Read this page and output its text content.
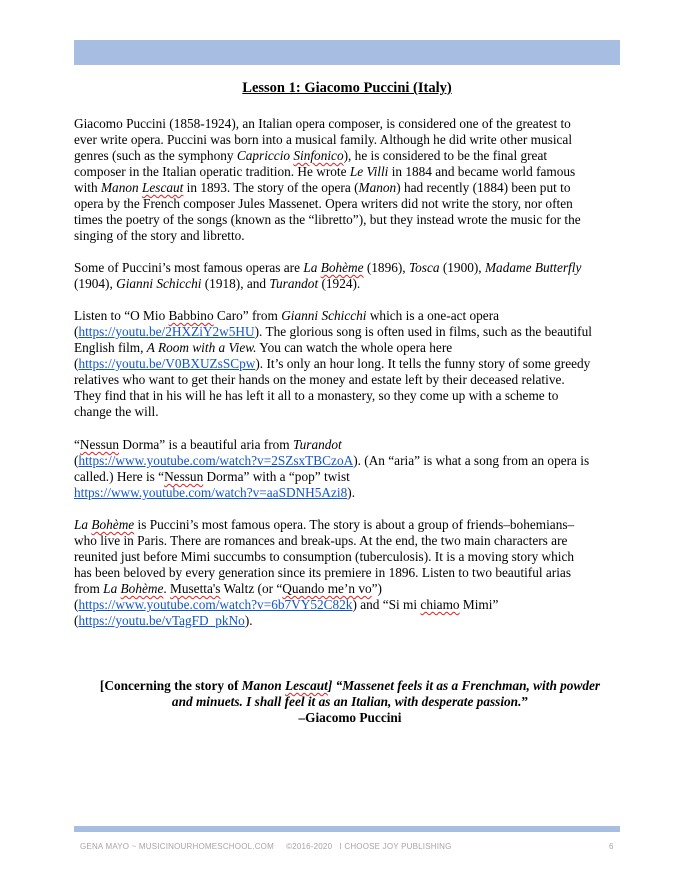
Lesson 1: Giacomo Puccini (Italy)
Giacomo Puccini (1858-1924), an Italian opera composer, is considered one of the greatest to
ever write opera. Puccini was born into a musical family. Although he did write other musical
genres (such as the symphony Capriccio Sinfonico), he is considered to be the final great
composer in the Italian operatic tradition. He wrote Le Villi in 1884 and became world famous
with Manon Lescaut in 1893. The story of the opera (Manon) had recently (1884) been put to
opera by the French composer Jules Massenet. Opera writers did not write the story, nor often
times the poetry of the songs (known as the “libretto”), but they instead wrote the music for the
singing of the story and libretto.
Some of Puccini’s most famous operas are La Bohème (1896), Tosca (1900), Madame Butterfly
(1904), Gianni Schicchi (1918), and Turandot (1924).
Listen to “O Mio Babbino Caro” from Gianni Schicchi which is a one-act opera
(https://youtu.be/2HXZiY2w5HU). The glorious song is often used in films, such as the beautiful
English film, A Room with a View. You can watch the whole opera here
(https://youtu.be/V0BXUZsSCpw). It’s only an hour long. It tells the funny story of some greedy
relatives who want to get their hands on the money and estate left by their deceased relative.
They find that in his will he has left it all to a monastery, so they come up with a scheme to
change the will.
“Nessun Dorma” is a beautiful aria from Turandot
(https://www.youtube.com/watch?v=2SZsxTBCzoA). (An “aria” is what a song from an opera is
called.) Here is “Nessun Dorma” with a “pop” twist
https://www.youtube.com/watch?v=aaSDNH5Azi8).
La Bohème is Puccini’s most famous opera. The story is about a group of friends–bohemians–
who live in Paris. There are romances and break-ups. At the end, the two main characters are
reunited just before Mimi succumbs to consumption (tuberculosis). It is a moving story which
has been beloved by every generation since its premiere in 1896. Listen to two beautiful arias
from La Bohème. Musetta's Waltz (or “Quando me’n vo”)
(https://www.youtube.com/watch?v=6b7VY52C82k) and “Si mi chiamo Mimi”
(https://youtu.be/vTagFD_pkNo).
[Concerning the story of Manon Lescaut] “Massenet feels it as a Frenchman, with powder
and minuets. I shall feel it as an Italian, with desperate passion.”
–Giacomo Puccini
GENA MAYO ~ MUSICINOURHOMESCHOOL.COM     ©2016-2020   I CHOOSE JOY PUBLISHING	6
